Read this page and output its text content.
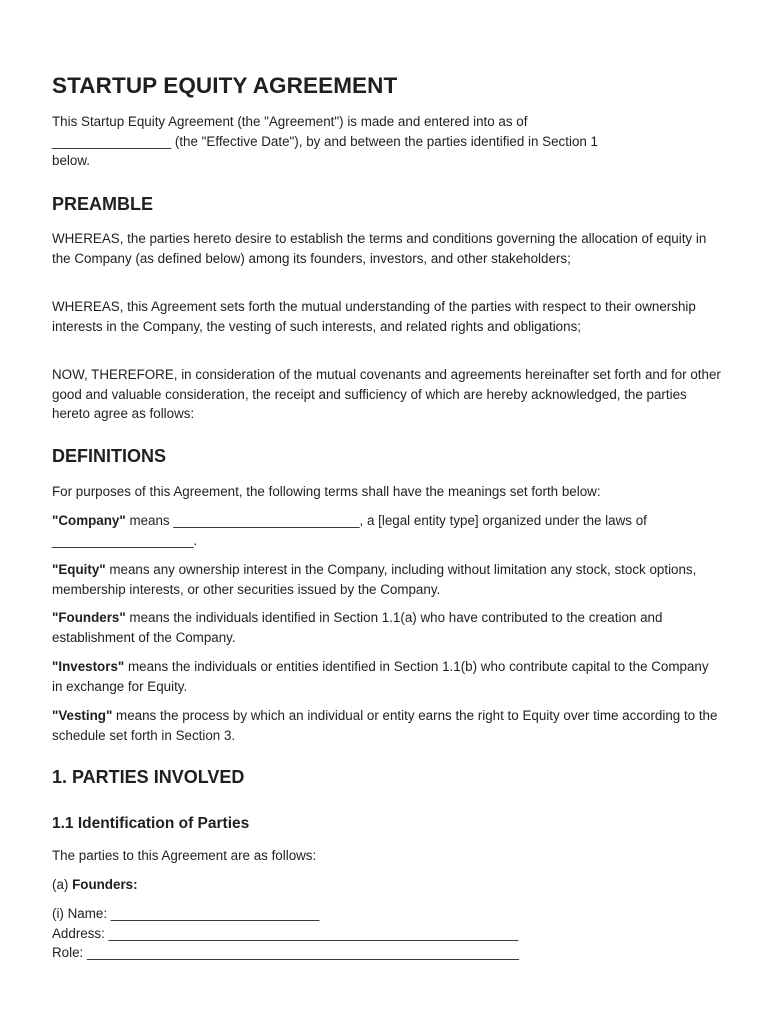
STARTUP EQUITY AGREEMENT

This Startup Equity Agreement (the "Agreement") is made and entered into as of
________________ (the "Effective Date"), by and between the parties identified in Section 1
below.

PREAMBLE

WHEREAS, the parties hereto desire to establish the terms and conditions governing the allocation of equity in the Company (as defined below) among its founders, investors, and other stakeholders;

WHEREAS, this Agreement sets forth the mutual understanding of the parties with respect to their ownership interests in the Company, the vesting of such interests, and related rights and obligations;

NOW, THEREFORE, in consideration of the mutual covenants and agreements hereinafter set forth and for other good and valuable consideration, the receipt and sufficiency of which are hereby acknowledged, the parties hereto agree as follows:

DEFINITIONS

For purposes of this Agreement, the following terms shall have the meanings set forth below:

"Company" means _________________________, a [legal entity type] organized under the laws of ___________________.

"Equity" means any ownership interest in the Company, including without limitation any stock, stock options, membership interests, or other securities issued by the Company.

"Founders" means the individuals identified in Section 1.1(a) who have contributed to the creation and establishment of the Company.

"Investors" means the individuals or entities identified in Section 1.1(b) who contribute capital to the Company in exchange for Equity.

"Vesting" means the process by which an individual or entity earns the right to Equity over time according to the schedule set forth in Section 3.

1. PARTIES INVOLVED
1.1 Identification of Parties

The parties to this Agreement are as follows:

(a) Founders:

(i) Name: ____________________________
Address: _______________________________________________________
Role: __________________________________________________________
